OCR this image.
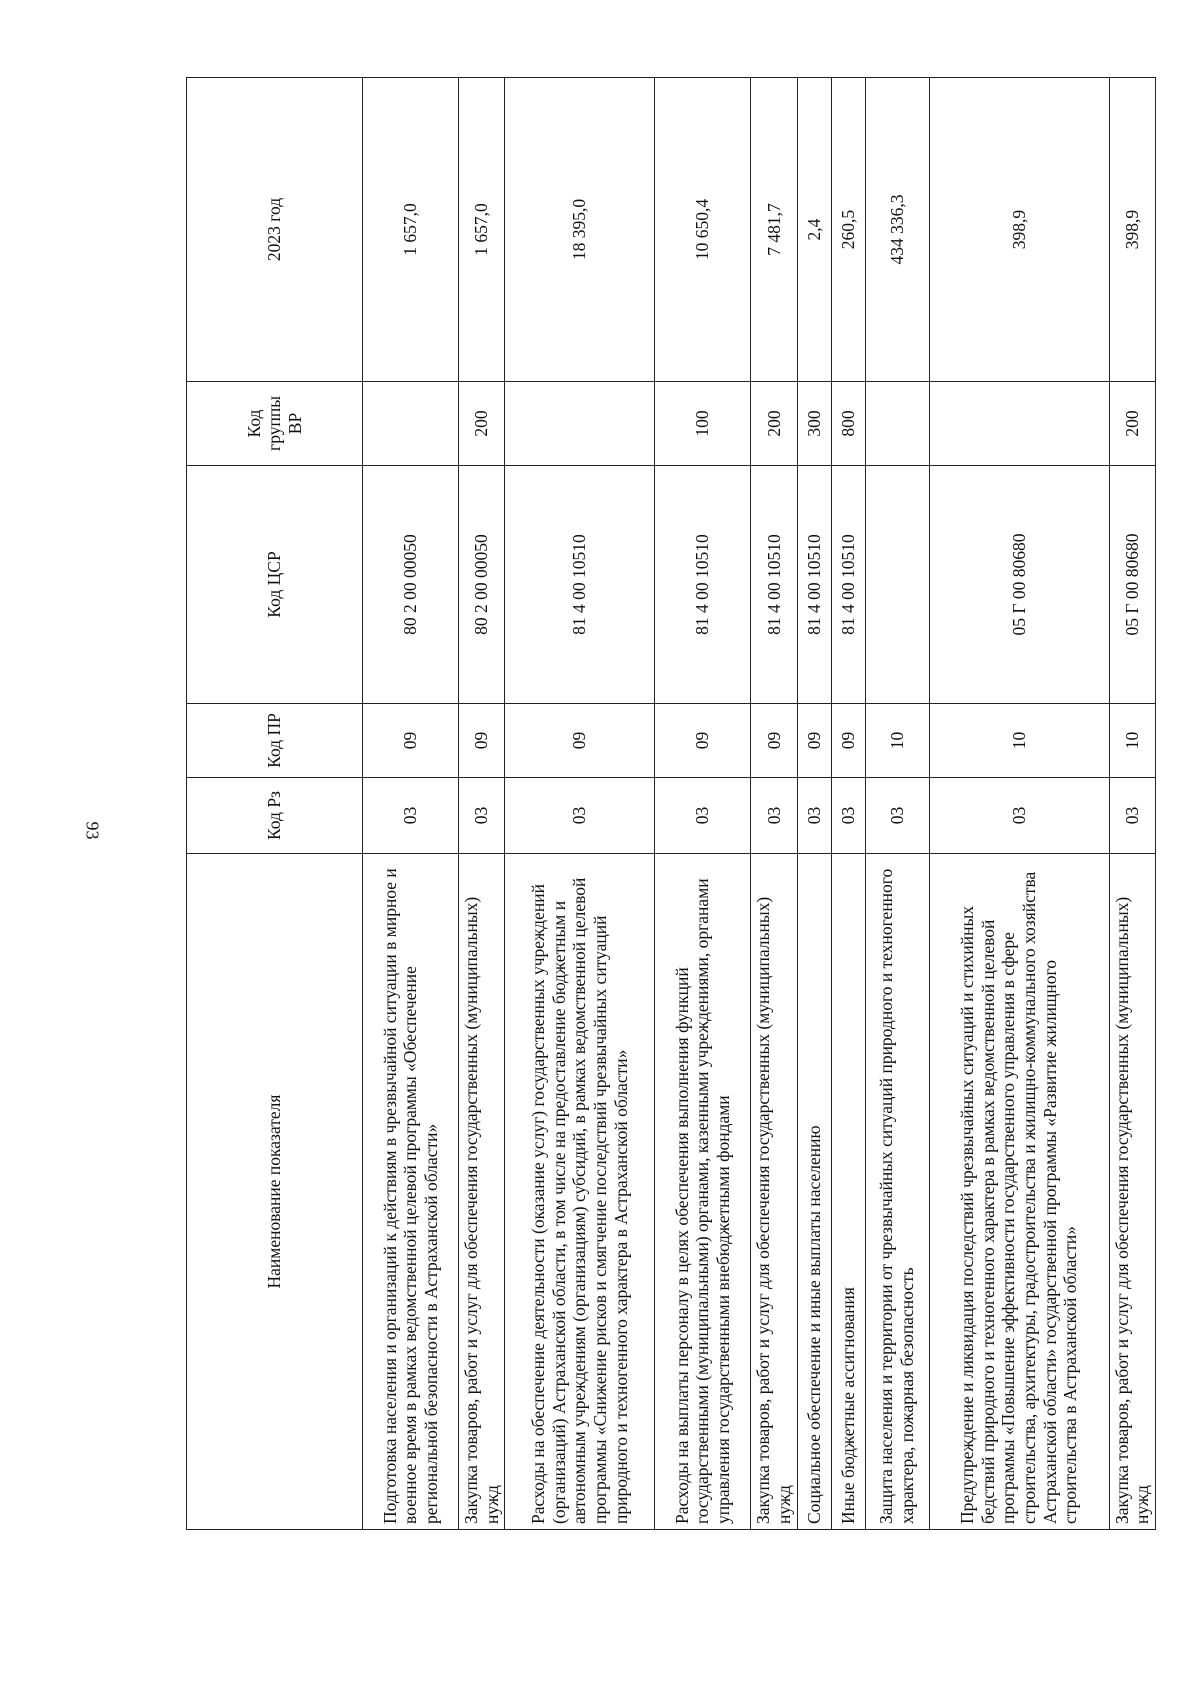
93
Наименование показателя	Код Рз	Код ПР	Код ЦСР	Код группы ВР	2023 год
Подготовка населения и организаций к действиям в чрезвычайной ситуации в мирное и военное время в рамках ведомственной целевой программы «Обеспечение региональной безопасности в Астраханской области»	03	09	80 2 00 00050		1 657,0
Закупка товаров, работ и услуг для обеспечения государственных (муниципальных) нужд	03	09	80 2 00 00050	200	1 657,0
Расходы на обеспечение деятельности (оказание услуг) государственных учреждений (организаций) Астраханской области, в том числе на предоставление бюджетным и автономным учреждениям (организациям) субсидий, в рамках ведомственной целевой программы «Снижение рисков и смягчение последствий чрезвычайных ситуаций природного и техногенного характера в Астраханской области»	03	09	81 4 00 10510		18 395,0
Расходы на выплаты персоналу в целях обеспечения выполнения функций государственными (муниципальными) органами, казенными учреждениями, органами управления государственными внебюджетными фондами	03	09	81 4 00 10510	100	10 650,4
Закупка товаров, работ и услуг для обеспечения государственных (муниципальных) нужд	03	09	81 4 00 10510	200	7 481,7
Социальное обеспечение и иные выплаты населению	03	09	81 4 00 10510	300	2,4
Иные бюджетные ассигнования	03	09	81 4 00 10510	800	260,5
Защита населения и территории от чрезвычайных ситуаций природного и техногенного характера, пожарная безопасность	03	10			434 336,3
Предупреждение и ликвидация последствий чрезвычайных ситуаций и стихийных бедствий природного и техногенного характера в рамках ведомственной целевой программы «Повышение эффективности государственного управления в сфере строительства, архитектуры, градостроительства и жилищно-коммунального хозяйства Астраханской области» государственной программы «Развитие жилищного строительства в Астраханской области»	03	10	05 Г 00 80680		398,9
Закупка товаров, работ и услуг для обеспечения государственных (муниципальных) нужд	03	10	05 Г 00 80680	200	398,9
